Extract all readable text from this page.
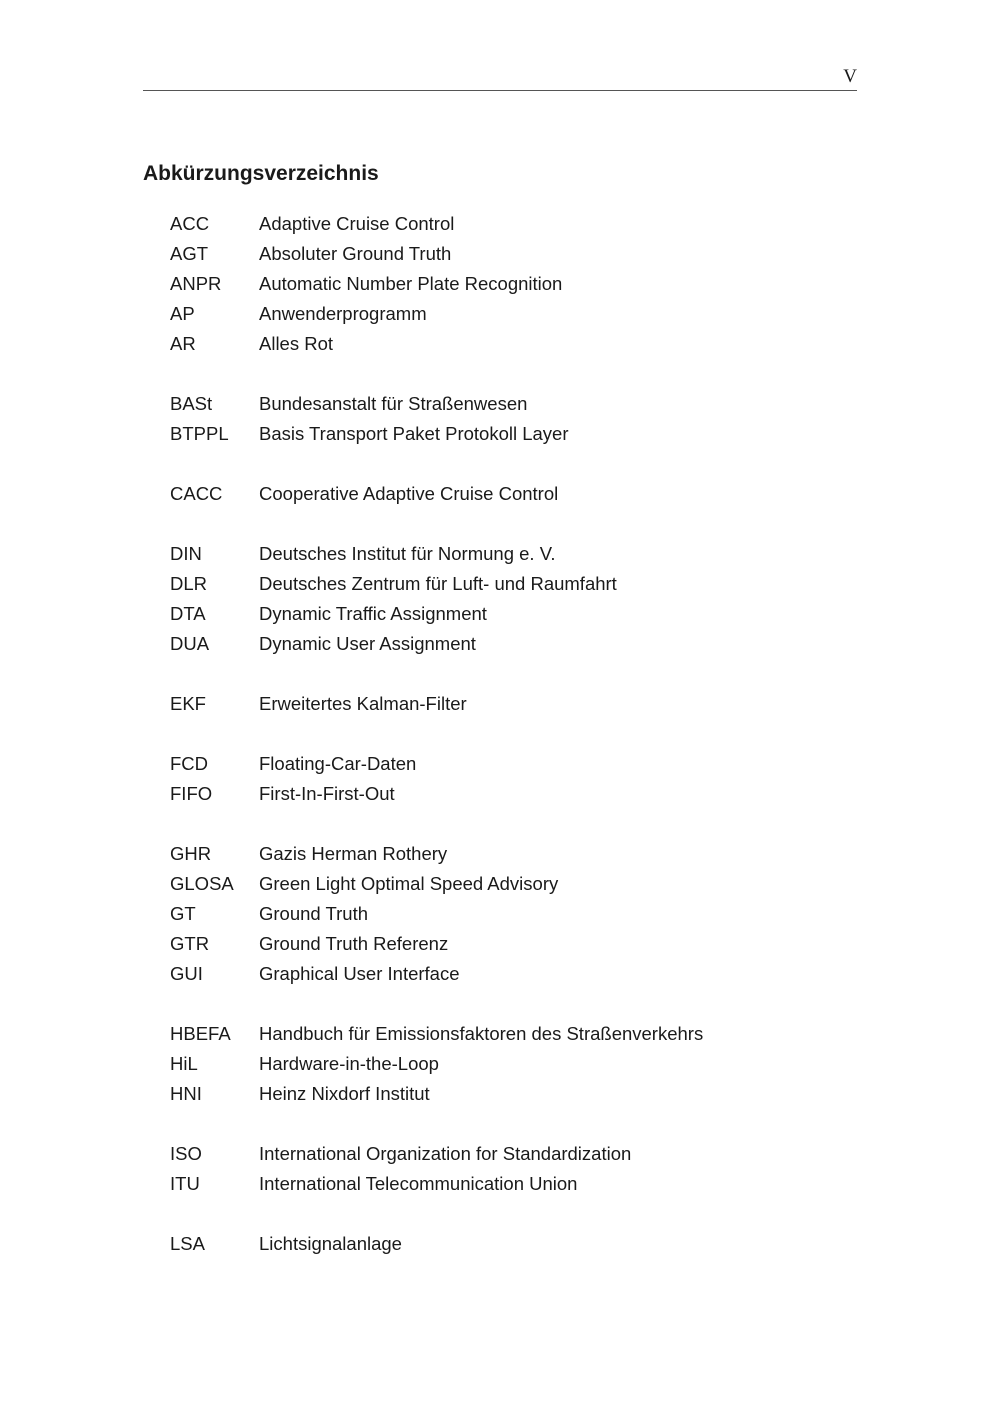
V
Abkürzungsverzeichnis
ACC	Adaptive Cruise Control
AGT	Absoluter Ground Truth
ANPR	Automatic Number Plate Recognition
AP	Anwenderprogramm
AR	Alles Rot
BASt	Bundesanstalt für Straßenwesen
BTPPL	Basis Transport Paket Protokoll Layer
CACC	Cooperative Adaptive Cruise Control
DIN	Deutsches Institut für Normung e. V.
DLR	Deutsches Zentrum für Luft- und Raumfahrt
DTA	Dynamic Traffic Assignment
DUA	Dynamic User Assignment
EKF	Erweitertes Kalman-Filter
FCD	Floating-Car-Daten
FIFO	First-In-First-Out
GHR	Gazis Herman Rothery
GLOSA	Green Light Optimal Speed Advisory
GT	Ground Truth
GTR	Ground Truth Referenz
GUI	Graphical User Interface
HBEFA	Handbuch für Emissionsfaktoren des Straßenverkehrs
HiL	Hardware-in-the-Loop
HNI	Heinz Nixdorf Institut
ISO	International Organization for Standardization
ITU	International Telecommunication Union
LSA	Lichtsignalanlage
